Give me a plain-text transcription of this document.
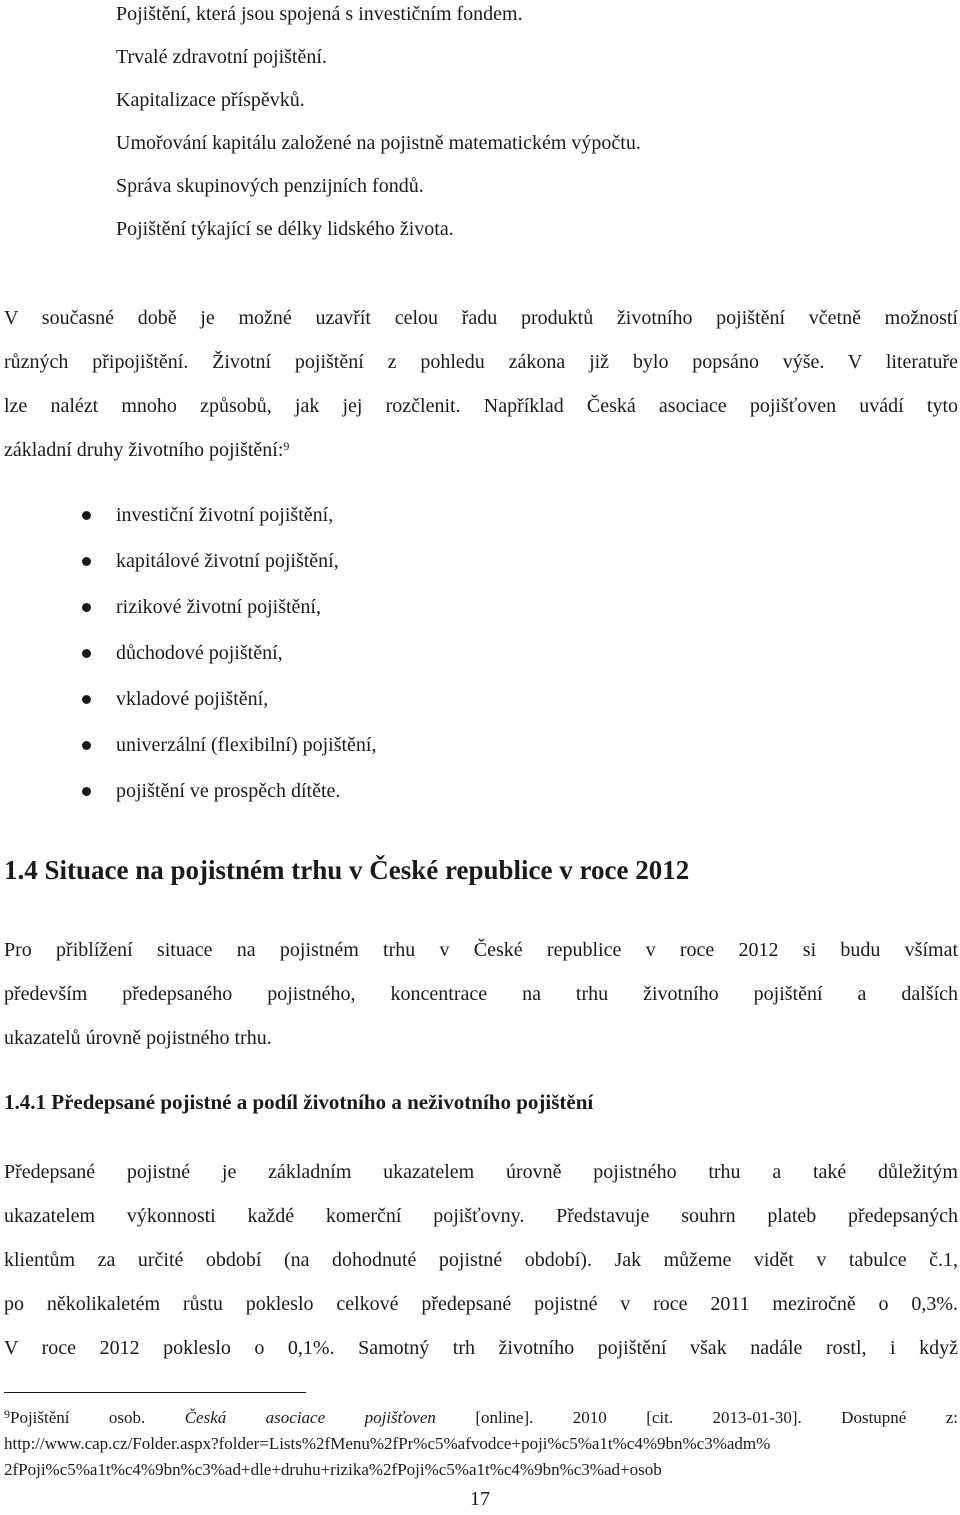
Pojištění, která jsou spojená s investičním fondem.
Trvalé zdravotní pojištění.
Kapitalizace příspěvků.
Umořování kapitálu založené na pojistně matematickém výpočtu.
Správa skupinových penzijních fondů.
Pojištění týkající se délky lidského života.
V současné době je možné uzavřít celou řadu produktů životního pojištění včetně možností
různých připojištění. Životní pojištění z pohledu zákona již bylo popsáno výše. V literatuře
lze nalézt mnoho způsobů, jak jej rozčlenit. Například Česká asociace pojišťoven uvádí tyto
základní druhy životního pojištění:$^9$
investiční životní pojištění,
kapitálové životní pojištění,
rizikové životní pojištění,
důchodové pojištění,
vkladové pojištění,
univerzální (flexibilní) pojištění,
pojištění ve prospěch dítěte.
1.4 Situace na pojistném trhu v České republice v roce 2012
Pro přiblížení situace na pojistném trhu v České republice v roce 2012 si budu všímat
především předepsaného pojistného, koncentrace na trhu životního pojištění a dalších
ukazatelů úrovně pojistného trhu.
1.4.1 Předepsané pojistné a podíl životního a neživotního pojištění
Předepsané pojistné je základním ukazatelem úrovně pojistného trhu a také důležitým
ukazatelem výkonnosti každé komerční pojišťovny. Představuje souhrn plateb předepsaných
klientům za určité období (na dohodnuté pojistné období). Jak můžeme vidět v tabulce č.1,
po několikaletém růstu pokleslo celkové předepsané pojistné v roce 2011 meziročně o 0,3%.
V roce 2012 pokleslo o 0,1%. Samotný trh životního pojištění však nadále rostl, i když
$^9$Pojištění osob. Česká asociace pojišťoven [online]. 2010 [cit. 2013-01-30]. Dostupné z:
http://www.cap.cz/Folder.aspx?folder=Lists%2fMenu%2fPr%c5%afvodce+poji%c5%a1t%c4%9bn%c3%adm%
2fPoji%c5%a1t%c4%9bn%c3%ad+dle+druhu+rizika%2fPoji%c5%a1t%c4%9bn%c3%ad+osob
17
